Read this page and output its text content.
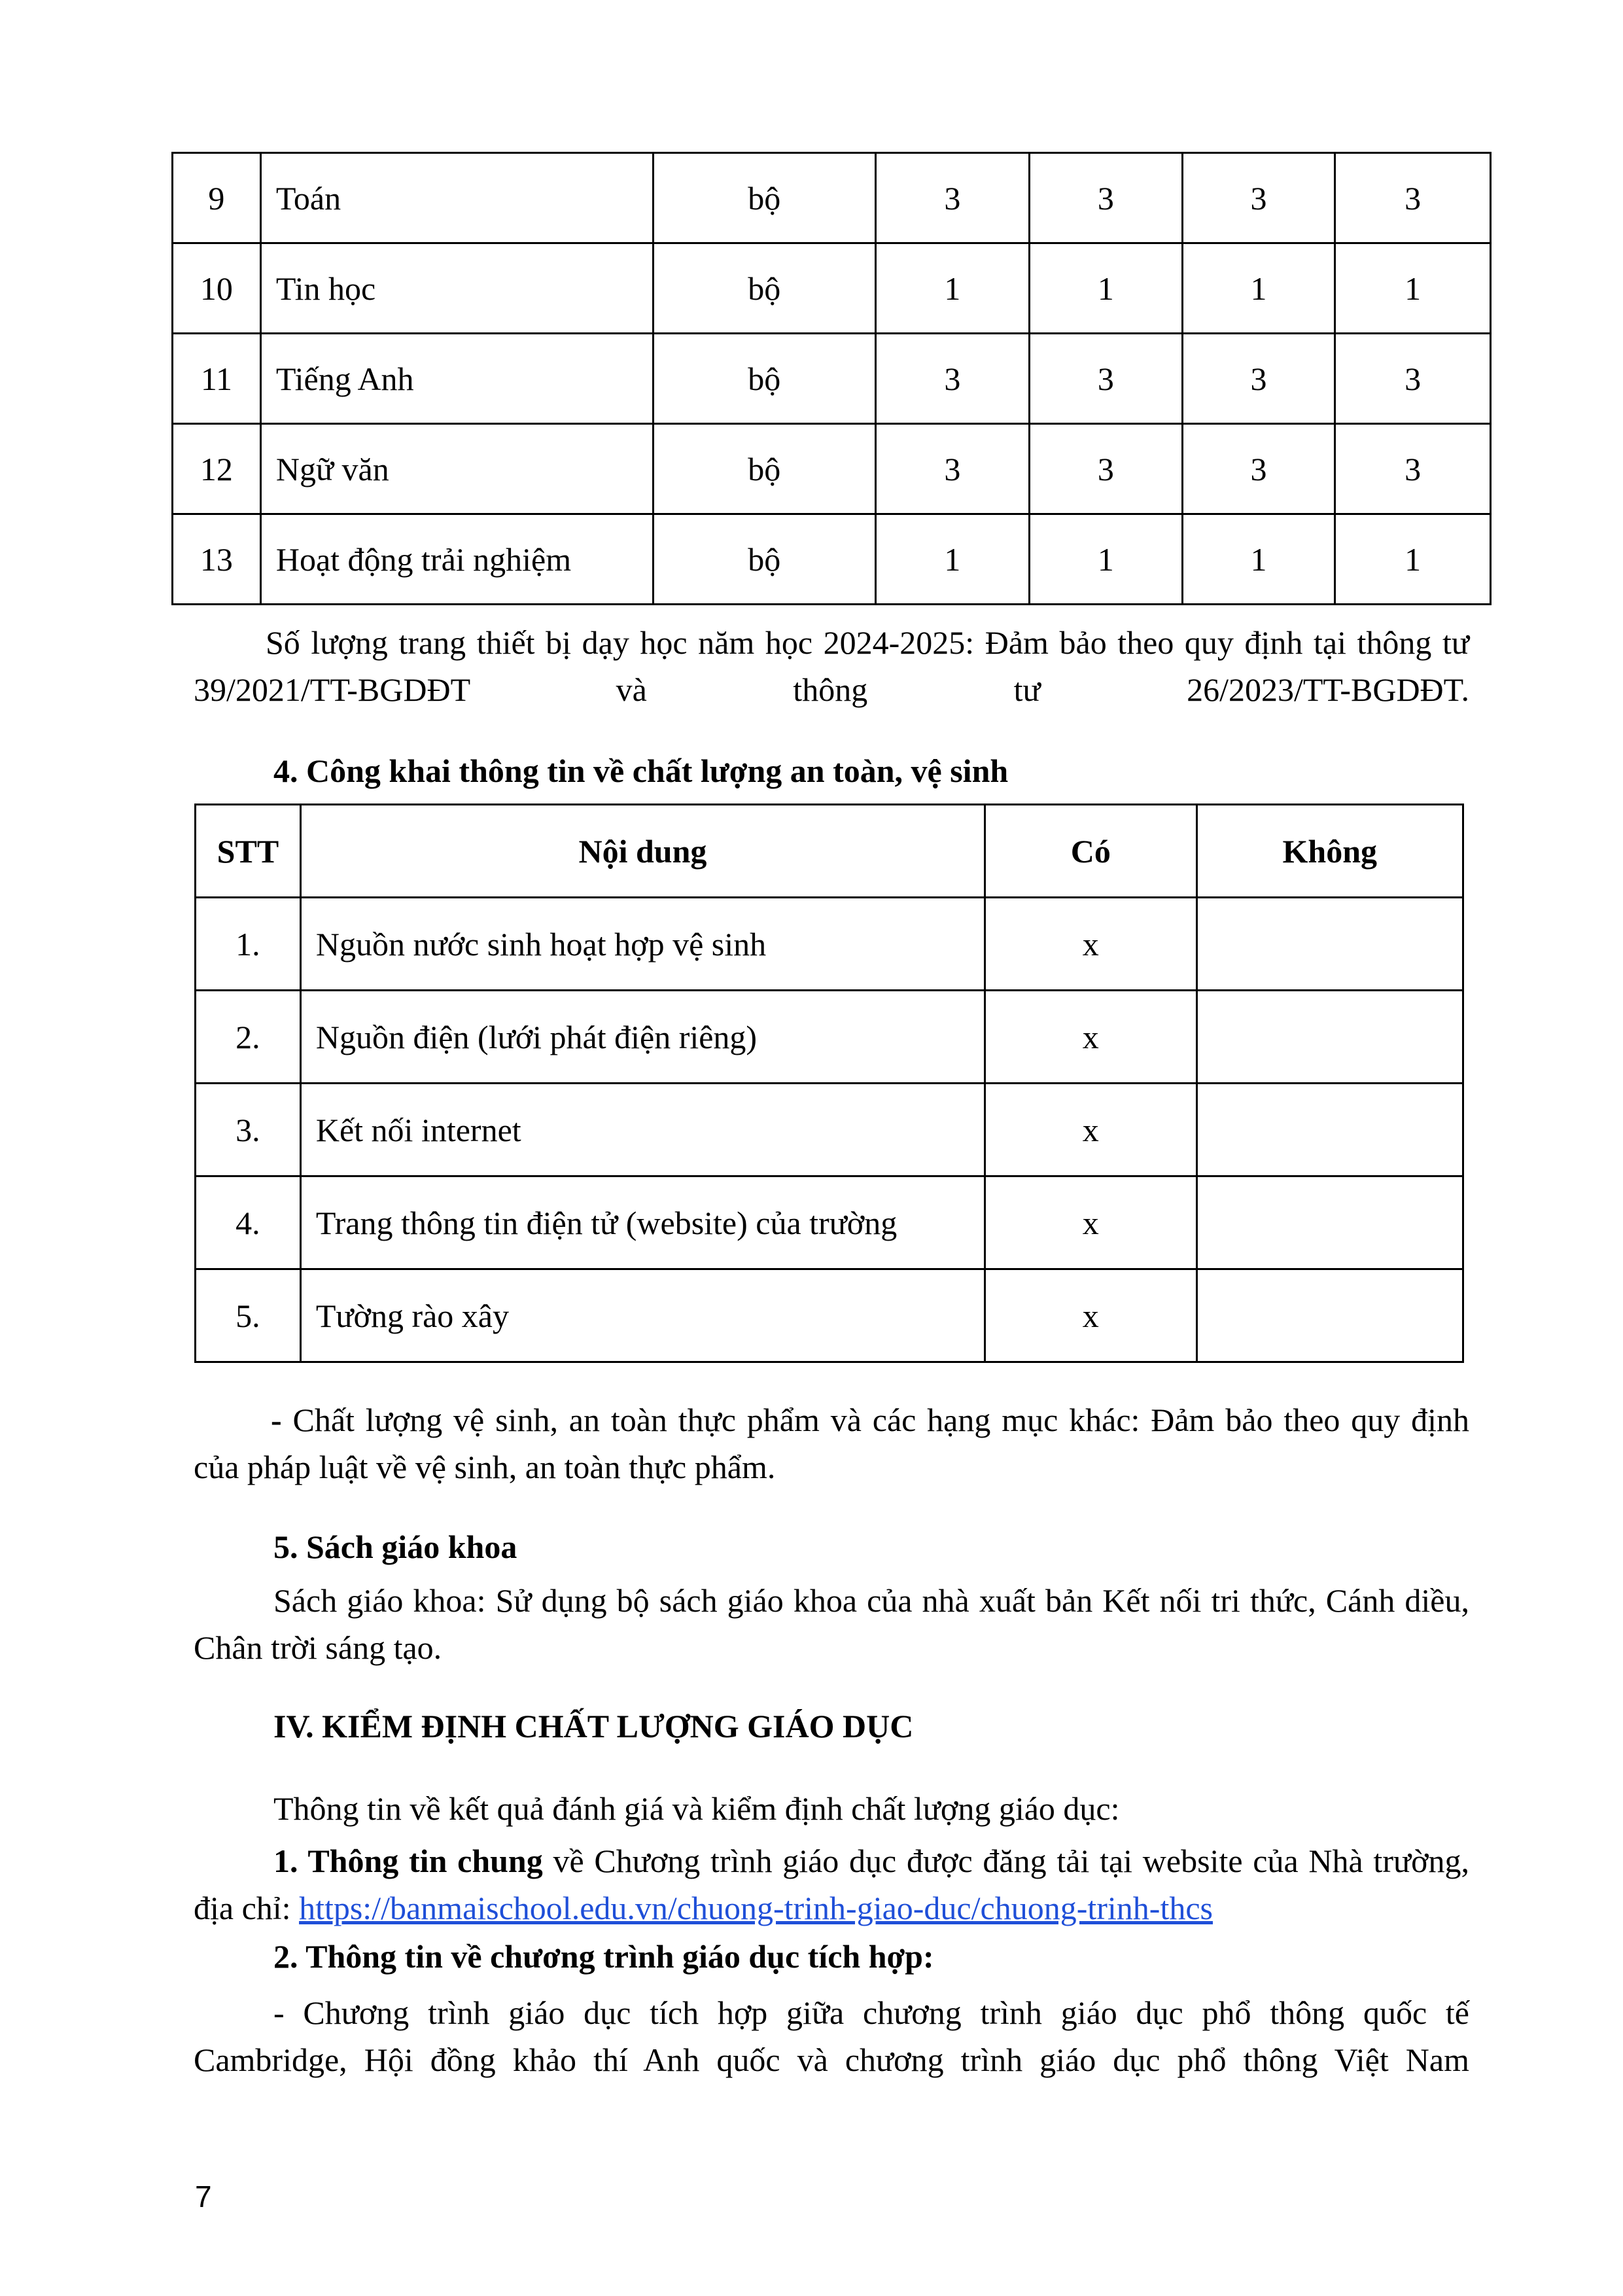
9	Toán	bộ	3	3	3	3
10	Tin học	bộ	1	1	1	1
11	Tiếng Anh	bộ	3	3	3	3
12	Ngữ văn	bộ	3	3	3	3
13	Hoạt động trải nghiệm	bộ	1	1	1	1
Số lượng trang thiết bị dạy học năm học 2024-2025: Đảm bảo theo quy định tại thông tư 39/2021/TT-BGDĐT và thông tư 26/2023/TT-BGDĐT.
4. Công khai thông tin về chất lượng an toàn, vệ sinh
STT	Nội dung	Có	Không
1.	Nguồn nước sinh hoạt hợp vệ sinh	x	
2.	Nguồn điện (lưới phát điện riêng)	x	
3.	Kết nối internet	x	
4.	Trang thông tin điện tử (website) của trường	x	
5.	Tường rào xây	x	
- Chất lượng vệ sinh, an toàn thực phẩm và các hạng mục khác: Đảm bảo theo quy định của pháp luật về vệ sinh, an toàn thực phẩm.
5. Sách giáo khoa
Sách giáo khoa: Sử dụng bộ sách giáo khoa của nhà xuất bản Kết nối tri thức, Cánh diều, Chân trời sáng tạo.
IV. KIỂM ĐỊNH CHẤT LƯỢNG GIÁO DỤC
Thông tin về kết quả đánh giá và kiểm định chất lượng giáo dục:
1. Thông tin chung về Chương trình giáo dục được đăng tải tại website của Nhà trường, địa chỉ: https://banmaischool.edu.vn/chuong-trinh-giao-duc/chuong-trinh-thcs
2. Thông tin về chương trình giáo dục tích hợp:
- Chương trình giáo dục tích hợp giữa chương trình giáo dục phổ thông quốc tế Cambridge, Hội đồng khảo thí Anh quốc và chương trình giáo dục phổ thông Việt Nam
7
